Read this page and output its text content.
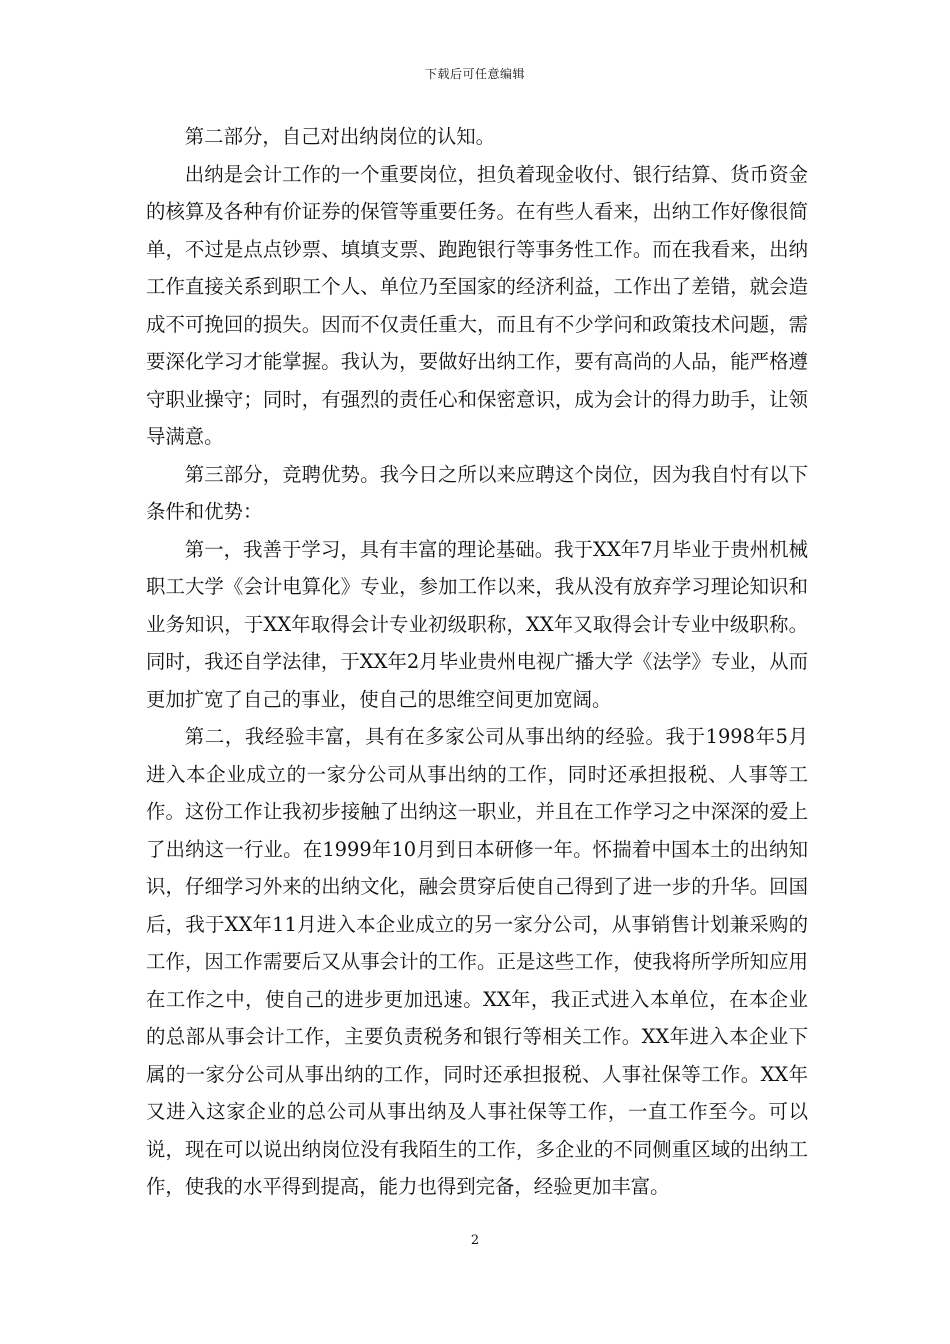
下载后可任意编辑

第二部分，自己对出纳岗位的认知。

出纳是会计工作的一个重要岗位，担负着现金收付、银行结算、货币资金的核算及各种有价证券的保管等重要任务。在有些人看来，出纳工作好像很简单，不过是点点钞票、填填支票、跑跑银行等事务性工作。而在我看来，出纳工作直接关系到职工个人、单位乃至国家的经济利益，工作出了差错，就会造成不可挽回的损失。因而不仅责任重大，而且有不少学问和政策技术问题，需要深化学习才能掌握。我认为，要做好出纳工作，要有高尚的人品，能严格遵守职业操守；同时，有强烈的责任心和保密意识，成为会计的得力助手，让领导满意。

第三部分，竞聘优势。我今日之所以来应聘这个岗位，因为我自忖有以下条件和优势：

第一，我善于学习，具有丰富的理论基础。我于XX年7月毕业于贵州机械职工大学《会计电算化》专业，参加工作以来，我从没有放弃学习理论知识和业务知识，于XX年取得会计专业初级职称，XX年又取得会计专业中级职称。同时，我还自学法律，于XX年2月毕业贵州电视广播大学《法学》专业，从而更加扩宽了自己的事业，使自己的思维空间更加宽阔。

第二，我经验丰富，具有在多家公司从事出纳的经验。我于1998年5月进入本企业成立的一家分公司从事出纳的工作，同时还承担报税、人事等工作。这份工作让我初步接触了出纳这一职业，并且在工作学习之中深深的爱上了出纳这一行业。在1999年10月到日本研修一年。怀揣着中国本土的出纳知识，仔细学习外来的出纳文化，融会贯穿后使自己得到了进一步的升华。回国后，我于XX年11月进入本企业成立的另一家分公司，从事销售计划兼采购的工作，因工作需要后又从事会计的工作。正是这些工作，使我将所学所知应用在工作之中，使自己的进步更加迅速。XX年，我正式进入本单位，在本企业的总部从事会计工作，主要负责税务和银行等相关工作。XX年进入本企业下属的一家分公司从事出纳的工作，同时还承担报税、人事社保等工作。XX年又进入这家企业的总公司从事出纳及人事社保等工作，一直工作至今。可以说，现在可以说出纳岗位没有我陌生的工作，多企业的不同侧重区域的出纳工作，使我的水平得到提高，能力也得到完备，经验更加丰富。

2
